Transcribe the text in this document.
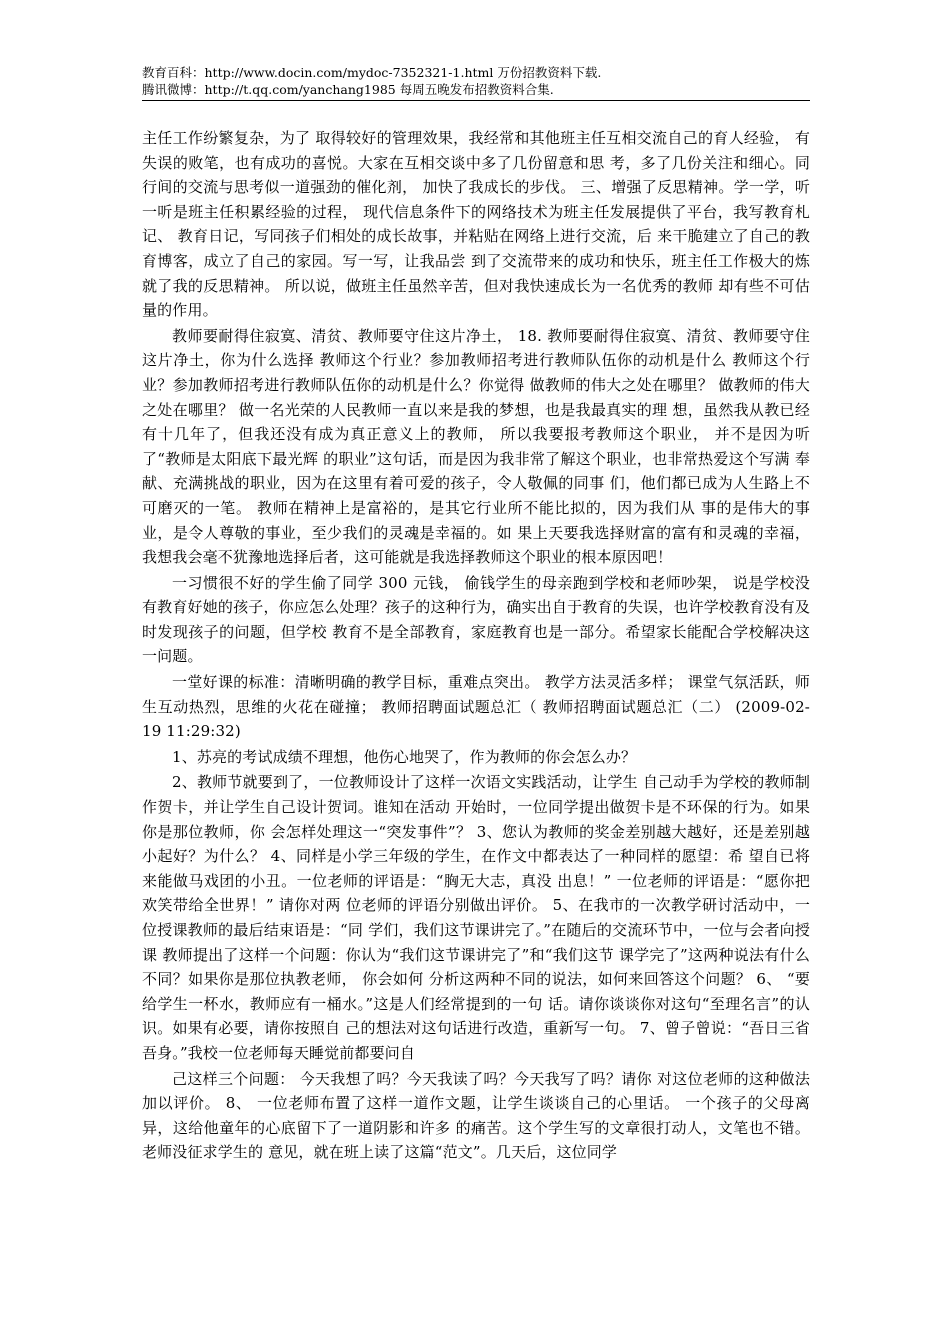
教育百科：http://www.docin.com/mydoc-7352321-1.html 万份招教资料下载.
腾讯微博：http://t.qq.com/yanchang1985 每周五晚发布招教资料合集.

主任工作纷繁复杂，为了 取得较好的管理效果，我经常和其他班主任互相交流自己的育人经验， 有失误的败笔，也有成功的喜悦。大家在互相交谈中多了几份留意和思 考，多了几份关注和细心。同行间的交流与思考似一道强劲的催化剂， 加快了我成长的步伐。 三、增强了反思精神。学一学，听一听是班主任积累经验的过程， 现代信息条件下的网络技术为班主任发展提供了平台，我写教育札记、 教育日记，写同孩子们相处的成长故事，并粘贴在网络上进行交流，后 来干脆建立了自己的教育博客，成立了自己的家园。写一写，让我品尝 到了交流带来的成功和快乐，班主任工作极大的炼就了我的反思精神。 所以说，做班主任虽然辛苦，但对我快速成长为一名优秀的教师 却有些不可估量的作用。

教师要耐得住寂寞、清贫、教师要守住这片净土， 18. 教师要耐得住寂寞、清贫、教师要守住这片净土，你为什么选择 教师这个行业？参加教师招考进行教师队伍你的动机是什么 教师这个行业？参加教师招考进行教师队伍你的动机是什么？你觉得 做教师的伟大之处在哪里？ 做教师的伟大之处在哪里？ 做一名光荣的人民教师一直以来是我的梦想，也是我最真实的理 想，虽然我从教已经有十几年了，但我还没有成为真正意义上的教师， 所以我要报考教师这个职业， 并不是因为听了“教师是太阳底下最光辉 的职业”这句话，而是因为我非常了解这个职业，也非常热爱这个写满 奉献、充满挑战的职业，因为在这里有着可爱的孩子，令人敬佩的同事 们，他们都已成为人生路上不可磨灭的一笔。 教师在精神上是富裕的，是其它行业所不能比拟的，因为我们从 事的是伟大的事业，是令人尊敬的事业，至少我们的灵魂是幸福的。如 果上天要我选择财富的富有和灵魂的幸福， 我想我会毫不犹豫地选择后者，这可能就是我选择教师这个职业的根本原因吧！

一习惯很不好的学生偷了同学 300 元钱， 偷钱学生的母亲跑到学校和老师吵架， 说是学校没 有教育好她的孩子，你应怎么处理？孩子的这种行为，确实出自于教育的失误，也许学校教育没有及时发现孩子的问题，但学校 教育不是全部教育，家庭教育也是一部分。希望家长能配合学校解决这一问题。

一堂好课的标准：清晰明确的教学目标，重难点突出。 教学方法灵活多样； 课堂气氛活跃，师生互动热烈，思维的火花在碰撞； 教师招聘面试题总汇（ 教师招聘面试题总汇（二） (2009-02-19 11:29:32)

1、苏亮的考试成绩不理想，他伤心地哭了，作为教师的你会怎么办？

2、教师节就要到了，一位教师设计了这样一次语文实践活动，让学生 自己动手为学校的教师制作贺卡，并让学生自己设计贺词。谁知在活动 开始时，一位同学提出做贺卡是不环保的行为。如果你是那位教师，你 会怎样处理这一“突发事件”？ 3、您认为教师的奖金差别越大越好，还是差别越小起好？为什么？ 4、同样是小学三年级的学生，在作文中都表达了一种同样的愿望：希 望自已将来能做马戏团的小丑。一位老师的评语是：“胸无大志，真没 出息！” 一位老师的评语是：“愿你把欢笑带给全世界！” 请你对两 位老师的评语分别做出评价。 5、在我市的一次教学研讨活动中，一位授课教师的最后结束语是：“同 学们，我们这节课讲完了。”在随后的交流环节中，一位与会者向授课 教师提出了这样一个问题：你认为“我们这节课讲完了”和“我们这节 课学完了”这两种说法有什么不同？如果你是那位执教老师， 你会如何 分析这两种不同的说法，如何来回答这个问题？ 6、 “要给学生一杯水，教师应有一桶水。”这是人们经常提到的一句 话。请你谈谈你对这句“至理名言”的认识。如果有必要，请你按照自 己的想法对这句话进行改造，重新写一句。 7、曾子曾说：“吾日三省吾身。”我校一位老师每天睡觉前都要问自

己这样三个问题： 今天我想了吗？今天我读了吗？今天我写了吗？请你 对这位老师的这种做法加以评价。 8、 一位老师布置了这样一道作文题，让学生谈谈自己的心里话。 一个孩子的父母离异，这给他童年的心底留下了一道阴影和许多 的痛苦。这个学生写的文章很打动人，文笔也不错。老师没征求学生的 意见，就在班上读了这篇“范文”。几天后，这位同学
